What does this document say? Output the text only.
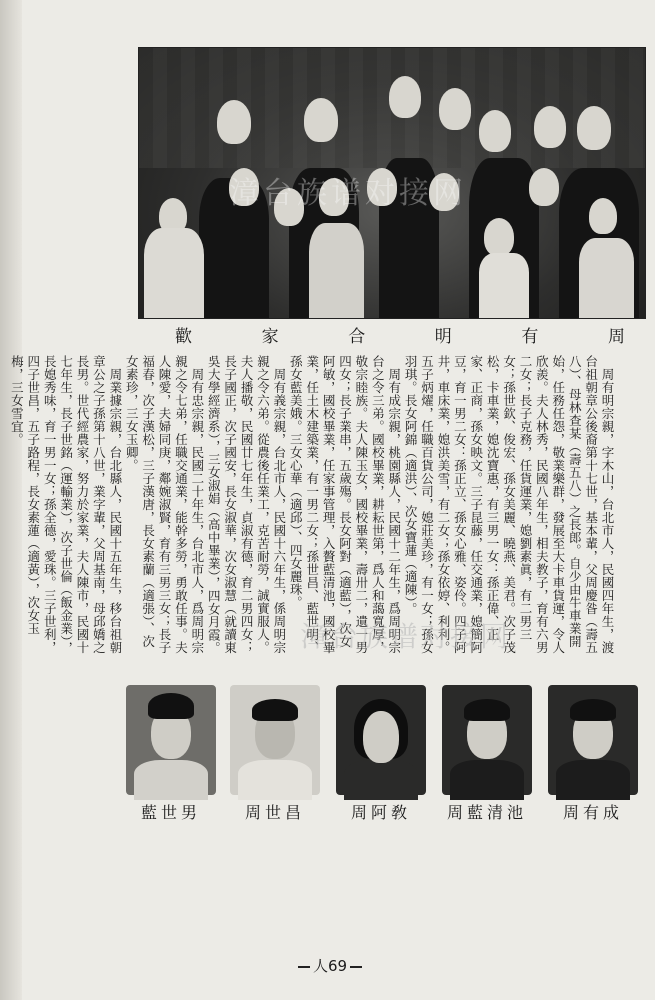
漳台族谱对接网
周
有
明
合
家
歡

周有明宗親，字木山，台北市人，民國四年生，渡台祖朝章公後裔第十七世，基本輩，父周慶昝（壽五八）、母林查某（壽五八）之長郎。自少由牛車業開始，任務任怨，敬業樂群，發展至大卡車貨運，令人欣羨。夫人林秀，民國八年生，相夫教子，育有六男二女；長子克務，任貨運業，媳劉素眞，有二男三女；孫世欽、俊宏、孫女美麗、曉燕、美君。次子茂松，卡車業，媳沈寶惠，有三男一女：孫正偉、正家、正商，孫女映文。三子昆藤，任交通業，媳簡阿豆，育一男二女：孫正立、孫女心雅、姿伶。四子阿井，車床業，媳洪美雪，有二女；孫女依婷、利利。五子炳燿，任職百貨公司，媳莊美珍，有一女；孫女羽琪。長女阿錦（適洪）、次女寶蓮（適陳）。

周有成宗親，桃園縣人，民國十二年生，爲周明宗台之令三弟。國校畢業，耕耘世第，爲人和藹寬厚，敬宗睦族。夫人陳玉女，國校畢業，壽卅二，遺一男四女；長子業串，五歲殤。長女阿對（適藍），次女阿敏，國校畢業，任家事管理，入贅藍清池，國校畢業，任土木建築業，有一男二女；孫世昌、藍世明、孫女藍美娥。三女心華（適邱）、四女麗珠。

周有義宗親，台北市人，民國十六年生，係周明宗親之令六弟。從農後任業工，克苦耐勞，誠實服人。夫人播敬，民國廿七年生，貞淑有德，育二男四女；長子國正，次子國安，長女淑華，次女淑慧（就讀東吳大學經濟系），三女淑娟（高中畢業），四女月霞。

周有忠宗親，民國二十年生，台北市人，爲周明宗親之令七弟，任職交通業，能幹多勞，勇敢任事。夫人陳愛，夫婦同庚，鄰婉淑賢，育有三男三女；長子福春，次子漢松，三子漢唐，長女素蘭（適張）、次女素珍，三女玉卿。

周業據宗親，台北縣人，民國十五年生，移台祖朝章公之子孫第十八世，業字輩，父周基南，母邱嬌之長男。世代經農家，努力於家業，夫人陳市，民國十七年生，長子世銘（運輸業），次子世倫（飯金業），長媳秀味，育一男一女；孫全德，愛珠。三子世利，四子世昌，五子路程，長女素蓮（適黃），次女玉梅，三女雪宜。

漳台族谱对接网
周有成
周藍清池
周阿敎
周世昌
藍世男
人69
